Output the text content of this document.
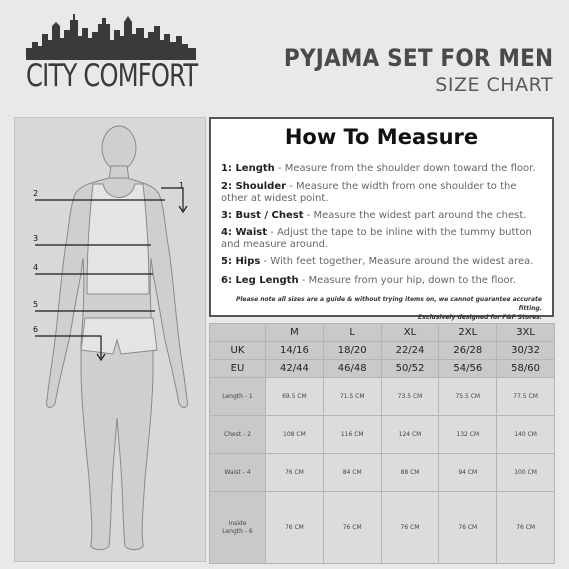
CITY COMFORT	PYJAMA SET FOR MEN
SIZE CHART
1
2
3
4
5
6
How To Measure
1: Length - Measure from the shoulder down toward the floor.
2: Shoulder - Measure the width from one shoulder to the other at widest point.
3: Bust / Chest - Measure the widest part around the chest.
4: Waist - Adjust the tape to be inline with the tummy button and measure around.
5: Hips - With feet together, Measure around the widest area.
6: Leg Length - Measure from your hip, down to the floor.
Please note all sizes are a guide & without trying items on, we cannot guarantee accurate fitting.
Exclusively designed for F&F Stores.
	M	L	XL	2XL	3XL
UK	14/16	18/20	22/24	26/28	30/32
EU	42/44	46/48	50/52	54/56	58/60
Length - 1	69.5 CM	71.5 CM	73.5 CM	75.5 CM	77.5 CM
Chest - 2	108 CM	116 CM	124 CM	132 CM	140 CM
Waist - 4	76 CM	84 CM	88 CM	94 CM	100 CM

Inside
Length - 6	76 CM	76 CM	76 CM	76 CM	76 CM
